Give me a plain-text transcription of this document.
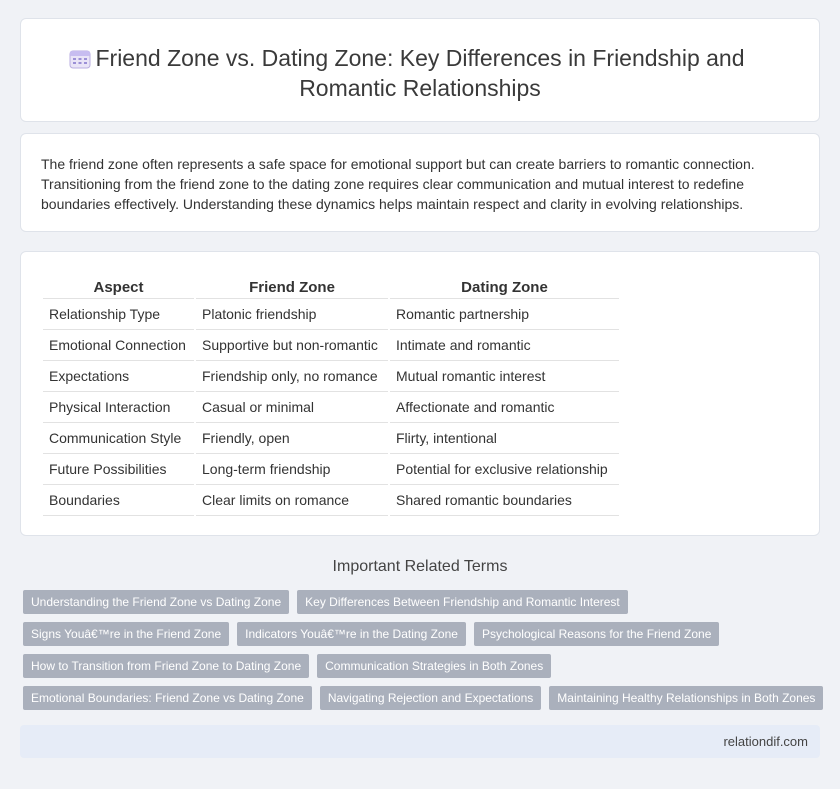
Friend Zone vs. Dating Zone: Key Differences in Friendship and Romantic Relationships

The friend zone often represents a safe space for emotional support but can create barriers to romantic connection. Transitioning from the friend zone to the dating zone requires clear communication and mutual interest to redefine boundaries effectively. Understanding these dynamics helps maintain respect and clarity in evolving relationships.

Aspect	Friend Zone	Dating Zone
Relationship Type	Platonic friendship	Romantic partnership
Emotional Connection	Supportive but non-romantic	Intimate and romantic
Expectations	Friendship only, no romance	Mutual romantic interest
Physical Interaction	Casual or minimal	Affectionate and romantic
Communication Style	Friendly, open	Flirty, intentional
Future Possibilities	Long-term friendship	Potential for exclusive relationship
Boundaries	Clear limits on romance	Shared romantic boundaries
Important Related Terms
Understanding the Friend Zone vs Dating Zone	Key Differences Between Friendship and Romantic Interest
Signs Youâ€™re in the Friend Zone	Indicators Youâ€™re in the Dating Zone	Psychological Reasons for the Friend Zone
How to Transition from Friend Zone to Dating Zone	Communication Strategies in Both Zones
Emotional Boundaries: Friend Zone vs Dating Zone	Navigating Rejection and Expectations	Maintaining Healthy Relationships in Both Zones
relationdif.com
